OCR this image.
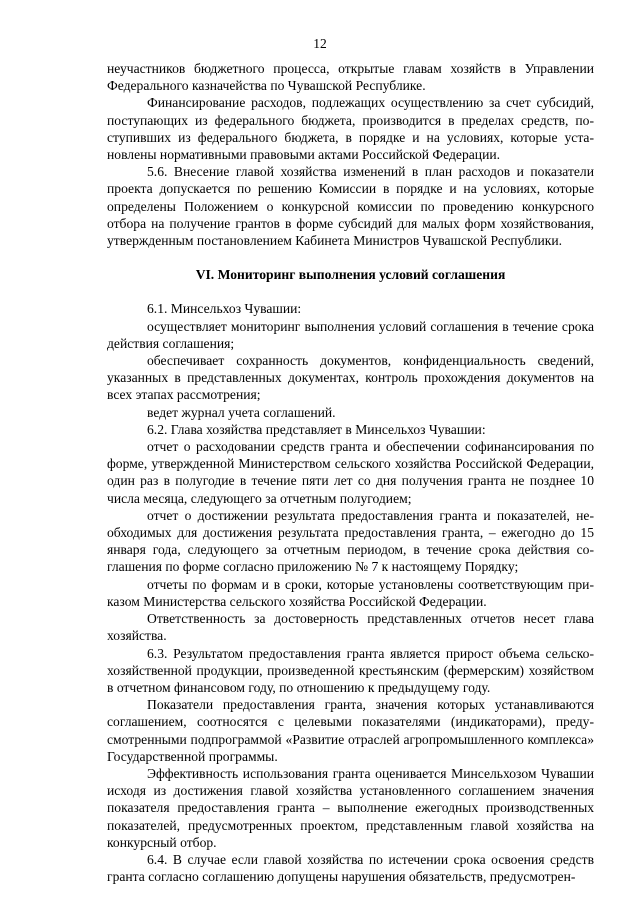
12

неучастников бюджетного процесса, открытые главам хозяйств в Управлении Федерального казначейства по Чувашской Республике.

Финансирование расходов, подлежащих осуществлению за счет субсидий, поступающих из федерального бюджета, производится в пределах средств, поступивших из федерального бюджета, в порядке и на условиях, которые установлены нормативными правовыми актами Российской Федерации.

5.6. Внесение главой хозяйства изменений в план расходов и показатели проекта допускается по решению Комиссии в порядке и на условиях, которые определены Положением о конкурсной комиссии по проведению конкурсного отбора на получение грантов в форме субсидий для малых форм хозяйствования, утвержденным постановлением Кабинета Министров Чувашской Республики.

VI. Мониторинг выполнения условий соглашения

6.1. Минсельхоз Чувашии:

осуществляет мониторинг выполнения условий соглашения в течение срока действия соглашения;

обеспечивает сохранность документов, конфиденциальность сведений, указанных в представленных документах, контроль прохождения документов на всех этапах рассмотрения;

ведет журнал учета соглашений.

6.2. Глава хозяйства представляет в Минсельхоз Чувашии:

отчет о расходовании средств гранта и обеспечении софинансирования по форме, утвержденной Министерством сельского хозяйства Российской Федерации, один раз в полугодие в течение пяти лет со дня получения гранта не позднее 10 числа месяца, следующего за отчетным полугодием;

отчет о достижении результата предоставления гранта и показателей, необходимых для достижения результата предоставления гранта, – ежегодно до 15 января года, следующего за отчетным периодом, в течение срока действия соглашения по форме согласно приложению № 7 к настоящему Порядку;

отчеты по формам и в сроки, которые установлены соответствующим приказом Министерства сельского хозяйства Российской Федерации.

Ответственность за достоверность представленных отчетов несет глава хозяйства.

6.3. Результатом предоставления гранта является прирост объема сельскохозяйственной продукции, произведенной крестьянским (фермерским) хозяйством в отчетном финансовом году, по отношению к предыдущему году.

Показатели предоставления гранта, значения которых устанавливаются соглашением, соотносятся с целевыми показателями (индикаторами), предусмотренными подпрограммой «Развитие отраслей агропромышленного комплекса» Государственной программы.

Эффективность использования гранта оценивается Минсельхозом Чувашии исходя из достижения главой хозяйства установленного соглашением значения показателя предоставления гранта – выполнение ежегодных производственных показателей, предусмотренных проектом, представленным главой хозяйства на конкурсный отбор.

6.4. В случае если главой хозяйства по истечении срока освоения средств гранта согласно соглашению допущены нарушения обязательств, предусмотрен-
